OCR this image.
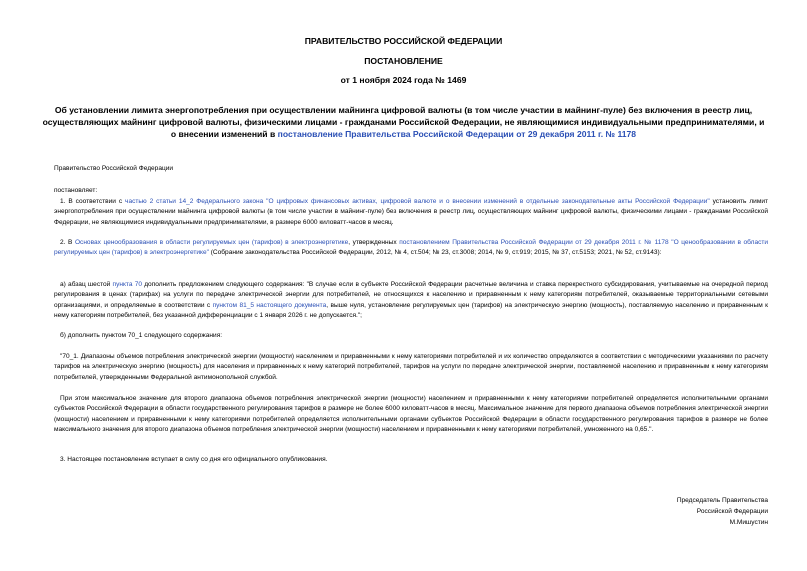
ПРАВИТЕЛЬСТВО РОССИЙСКОЙ ФЕДЕРАЦИИ
ПОСТАНОВЛЕНИЕ
от 1 ноября 2024 года № 1469
Об установлении лимита энергопотребления при осуществлении майнинга цифровой валюты (в том числе участии в майнинг-пуле) без включения в реестр лиц, осуществляющих майнинг цифровой валюты, физическими лицами - гражданами Российской Федерации, не являющимися индивидуальными предпринимателями, и о внесении изменений в постановление Правительства Российской Федерации от 29 декабря 2011 г. № 1178
Правительство Российской Федерации
постановляет:
1. В соответствии с частью 2 статьи 14_2 Федерального закона "О цифровых финансовых активах, цифровой валюте и о внесении изменений в отдельные законодательные акты Российской Федерации" установить лимит энергопотребления при осуществлении майнинга цифровой валюты (в том числе участии в майнинг-пуле) без включения в реестр лиц, осуществляющих майнинг цифровой валюты, физическими лицами - гражданами Российской Федерации, не являющимися индивидуальными предпринимателями, в размере 6000 киловатт-часов в месяц.
2. В Основах ценообразования в области регулируемых цен (тарифов) в электроэнергетике, утвержденных постановлением Правительства Российской Федерации от 29 декабря 2011 г. № 1178 "О ценообразовании в области регулируемых цен (тарифов) в электроэнергетике" (Собрание законодательства Российской Федерации, 2012, № 4, ст.504; № 23, ст.3008; 2014, № 9, ст.919; 2015, № 37, ст.5153; 2021, № 52, ст.9143):
а) абзац шестой пункта 70 дополнить предложением следующего содержания: "В случае если в субъекте Российской Федерации расчетные величина и ставка перекрестного субсидирования, учитываемые на очередной период регулирования в ценах (тарифах) на услуги по передаче электрической энергии для потребителей, не относящихся к населению и приравненным к нему категориям потребителей, оказываемые территориальными сетевыми организациями, и определяемые в соответствии с пунктом 81_5 настоящего документа, выше нуля, установление регулируемых цен (тарифов) на электрическую энергию (мощность), поставляемую населению и приравненным к нему категориям потребителей, без указанной дифференциации с 1 января 2026 г. не допускается.";
б) дополнить пунктом 70_1 следующего содержания:
"70_1. Диапазоны объемов потребления электрической энергии (мощности) населением и приравненными к нему категориями потребителей и их количество определяются в соответствии с методическими указаниями по расчету тарифов на электрическую энергию (мощность) для населения и приравненных к нему категорий потребителей, тарифов на услуги по передаче электрической энергии, поставляемой населению и приравненным к нему категориям потребителей, утвержденными Федеральной антимонопольной службой.
При этом максимальное значение для второго диапазона объемов потребления электрической энергии (мощности) населением и приравненными к нему категориями потребителей определяется исполнительными органами субъектов Российской Федерации в области государственного регулирования тарифов в размере не более 6000 киловатт-часов в месяц. Максимальное значение для первого диапазона объемов потребления электрической энергии (мощности) населением и приравненными к нему категориями потребителей определяется исполнительными органами субъектов Российской Федерации в области государственного регулирования тарифов в размере не более максимального значения для второго диапазона объемов потребления электрической энергии (мощности) населением и приравненными к нему категориями потребителей, умноженного на 0,65.".
3. Настоящее постановление вступает в силу со дня его официального опубликования.
Председатель Правительства
Российской Федерации
М.Мишустин
